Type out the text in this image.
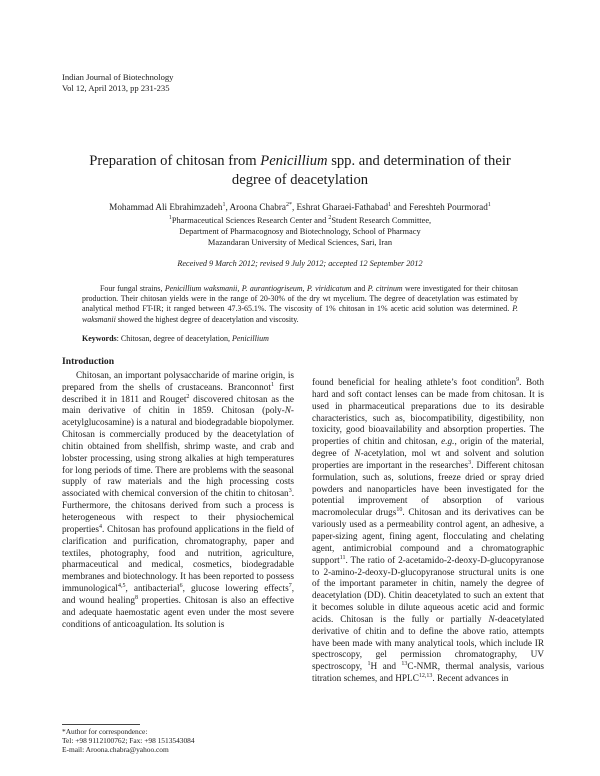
Indian Journal of Biotechnology
Vol 12, April 2013, pp 231-235
Preparation of chitosan from Penicillium spp. and determination of their
degree of deacetylation
Mohammad Ali Ebrahimzadeh$^1$, Aroona Chabra$^{2*}$, Eshrat Gharaei-Fathabad$^1$ and Fereshteh Pourmorad$^1$
$^1$Pharmaceutical Sciences Research Center and $^2$Student Research Committee,
Department of Pharmacognosy and Biotechnology, School of Pharmacy
Mazandaran University of Medical Sciences, Sari, Iran
Received 9 March 2012; revised 9 July 2012; accepted 12 September 2012
Four fungal strains, Penicillium waksmanii, P. aurantiogriseum, P. viridicatum and P. citrinum were investigated for their chitosan production. Their chitosan yields were in the range of 20-30% of the dry wt mycelium. The degree of deacetylation was estimated by analytical method FT-IR; it ranged between 47.3-65.1%. The viscosity of 1% chitosan in 1% acetic acid solution was determined. P. waksmanii showed the highest degree of deacetylation and viscosity.
Keywords: Chitosan, degree of deacetylation, Penicillium
Introduction

Chitosan, an important polysaccharide of marine origin, is prepared from the shells of crustaceans. Branconnot$^1$ first described it in 1811 and Rouget$^2$ discovered chitosan as the main derivative of chitin in 1859. Chitosan (poly-N-acetylglucosamine) is a natural and biodegradable biopolymer. Chitosan is commercially produced by the deacetylation of chitin obtained from shellfish, shrimp waste, and crab and lobster processing, using strong alkalies at high temperatures for long periods of time. There are problems with the seasonal supply of raw materials and the high processing costs associated with chemical conversion of the chitin to chitosan$^3$. Furthermore, the chitosans derived from such a process is heterogeneous with respect to their physiochemical properties$^4$. Chitosan has profound applications in the field of clarification and purification, chromatography, paper and textiles, photography, food and nutrition, agriculture, pharmaceutical and medical, cosmetics, biodegradable membranes and biotechnology. It has been reported to possess immunological$^{4,5}$, antibacterial$^6$, glucose lowering effects$^7$, and wound healing$^8$ properties. Chitosan is also an effective and adequate haemostatic agent even under the most severe conditions of anticoagulation. Its solution is

found beneficial for healing athlete’s foot condition$^9$. Both hard and soft contact lenses can be made from chitosan. It is used in pharmaceutical preparations due to its desirable characteristics, such as, biocompatibility, digestibility, non toxicity, good bioavailability and absorption properties. The properties of chitin and chitosan, e.g., origin of the material, degree of N-acetylation, mol wt and solvent and solution properties are important in the researches$^3$. Different chitosan formulation, such as, solutions, freeze dried or spray dried powders and nanoparticles have been investigated for the potential improvement of absorption of various macromolecular drugs$^{10}$. Chitosan and its derivatives can be variously used as a permeability control agent, an adhesive, a paper-sizing agent, fining agent, flocculating and chelating agent, antimicrobial compound and a chromatographic support$^{11}$. The ratio of 2-acetamido-2-deoxy-D-glucopyranose to 2-amino-2-deoxy-D-glucopyranose structural units is one of the important parameter in chitin, namely the degree of deacetylation (DD). Chitin deacetylated to such an extent that it becomes soluble in dilute aqueous acetic acid and formic acids. Chitosan is the fully or partially N-deacetylated derivative of chitin and to define the above ratio, attempts have been made with many analytical tools, which include IR spectroscopy, gel permission chromatography, UV spectroscopy, $^1$H and $^{13}$C-NMR, thermal analysis, various titration schemes, and HPLC$^{12,13}$. Recent advances in

*Author for correspondence:
Tel: +98 9112100762; Fax: +98 1513543084
E-mail: Aroona.chabra@yahoo.com
